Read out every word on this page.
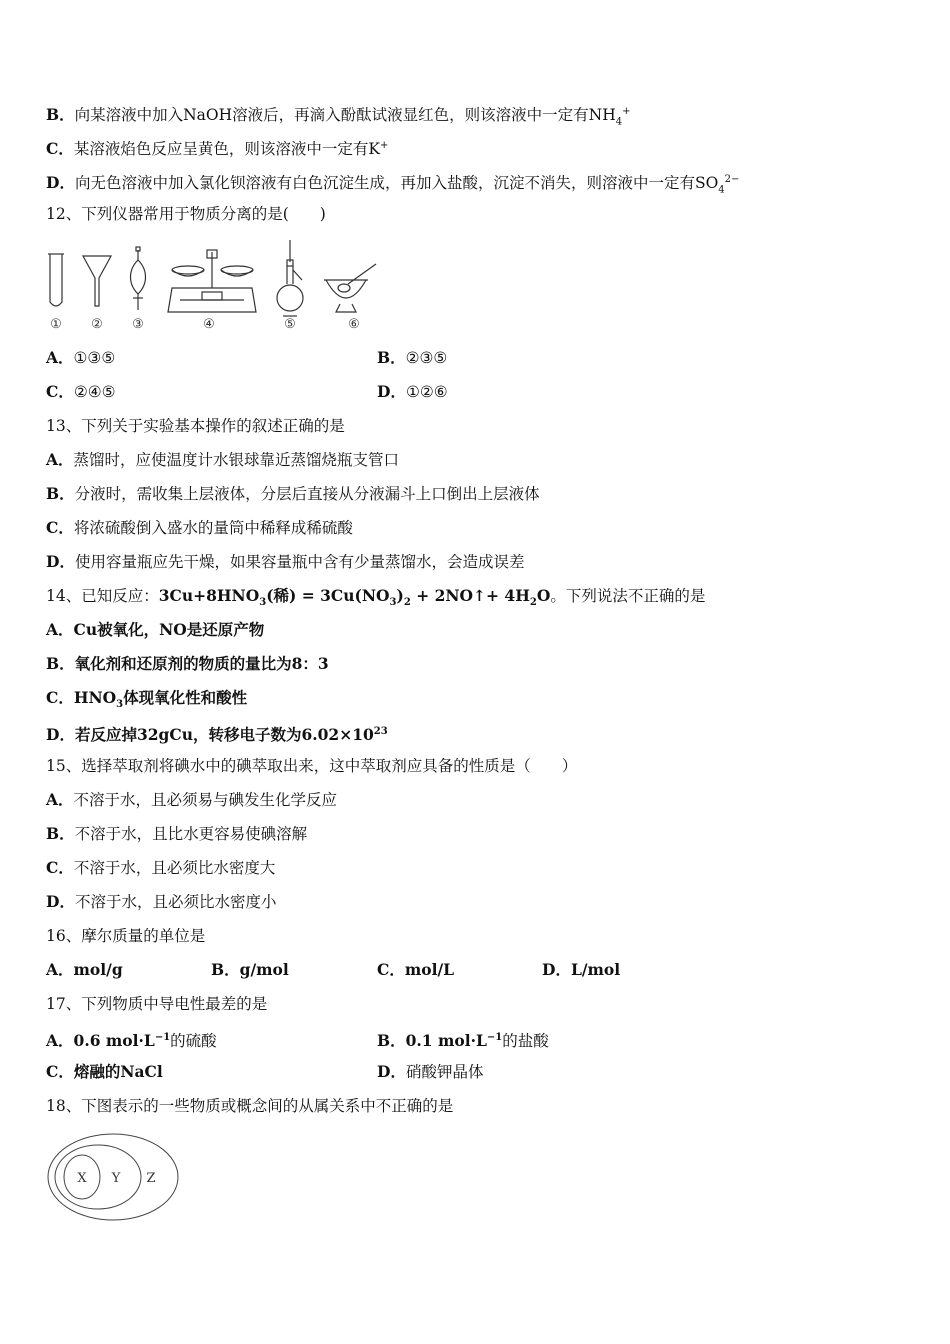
B．向某溶液中加入NaOH溶液后，再滴入酚酞试液显红色，则该溶液中一定有$NH_4^+$
C．某溶液焰色反应呈黄色，则该溶液中一定有K+
D．向无色溶液中加入氯化钡溶液有白色沉淀生成，再加入盐酸，沉淀不消失，则溶液中一定有$SO_4^{2-}$
12、下列仪器常用于物质分离的是(　　)
① ② ③	④	⑤	⑥
A．①③⑤	B．②③⑤
C．②④⑤	D．①②⑥
13、下列关于实验基本操作的叙述正确的是
A．蒸馏时，应使温度计水银球靠近蒸馏烧瓶支管口
B．分液时，需收集上层液体，分层后直接从分液漏斗上口倒出上层液体
C．将浓硫酸倒入盛水的量筒中稀释成稀硫酸
D．使用容量瓶应先干燥，如果容量瓶中含有少量蒸馏水，会造成误差
14、已知反应：$3Cu+8HNO_3$(稀) = $3Cu(NO_3)_2$ + 2NO↑+ $4H_2O$。下列说法不正确的是
A．Cu被氧化，NO是还原产物
B．氧化剂和还原剂的物质的量比为8：3
C．$HNO_3$体现氧化性和酸性
D．若反应掉32gCu，转移电子数为$6.02\times 10^{23}$
15、选择萃取剂将碘水中的碘萃取出来，这中萃取剂应具备的性质是（　　）
A．不溶于水，且必须易与碘发生化学反应
B．不溶于水，且比水更容易使碘溶解
C．不溶于水，且必须比水密度大
D．不溶于水，且必须比水密度小
16、摩尔质量的单位是
A．mol/g	B．g/mol	C．mol/L	D．L/mol
17、下列物质中导电性最差的是
A．0.6 $mol\cdot L^{-1}$的硫酸	B．0.1 $mol\cdot L^{-1}$的盐酸
C．熔融的NaCl	D．硝酸钾晶体
18、下图表示的一些物质或概念间的从属关系中不正确的是
X Y Z
